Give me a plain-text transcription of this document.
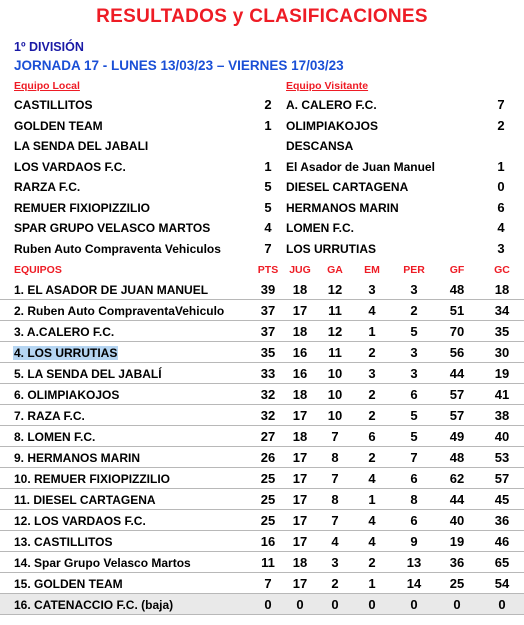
RESULTADOS y CLASIFICACIONES
1º DIVISIÓN
JORNADA 17 - LUNES 13/03/23 – VIERNES 17/03/23
Equipo Local	Equipo Visitante
CASTILLITOS	2 A. CALERO F.C.	7
GOLDEN TEAM	1 OLIMPIAKOJOS	2
LA SENDA DEL JABALI	DESCANSA
LOS VARDAOS F.C.	1 El Asador de Juan Manuel	1
RARZA F.C.	5 DIESEL CARTAGENA	0
REMUER FIXIOPIZZILIO	5 HERMANOS MARIN	6
SPAR GRUPO VELASCO MARTOS	4 LOMEN F.C.	4
Ruben Auto Compraventa Vehiculos	7 LOS URRUTIAS	3
EQUIPOS	PTS JUG	GA	EM	PER	GF	GC
1. EL ASADOR DE JUAN MANUEL	39	18	12	3	3	48	18
2. Ruben Auto CompraventaVehiculo	37	17	11	4	2	51	34
3. A.CALERO F.C.	37	18	12	1	5	70	35
4. LOS URRUTIAS	35	16	11	2	3	56	30
5. LA SENDA DEL JABALÍ	33	16	10	3	3	44	19
6. OLIMPIAKOJOS	32	18	10	2	6	57	41
7. RAZA F.C.	32	17	10	2	5	57	38
8. LOMEN F.C.	27	18	7	6	5	49	40
9. HERMANOS MARIN	26	17	8	2	7	48	53
10. REMUER FIXIOPIZZILIO	25	17	7	4	6	62	57
11. DIESEL CARTAGENA	25	17	8	1	8	44	45
12. LOS VARDAOS F.C.	25	17	7	4	6	40	36
13. CASTILLITOS	16	17	4	4	9	19	46
14. Spar Grupo Velasco Martos	11	18	3	2	13	36	65
15. GOLDEN TEAM	7	17	2	1	14	25	54
16. CATENACCIO F.C. (baja)	0	0	0	0	0	0	0
